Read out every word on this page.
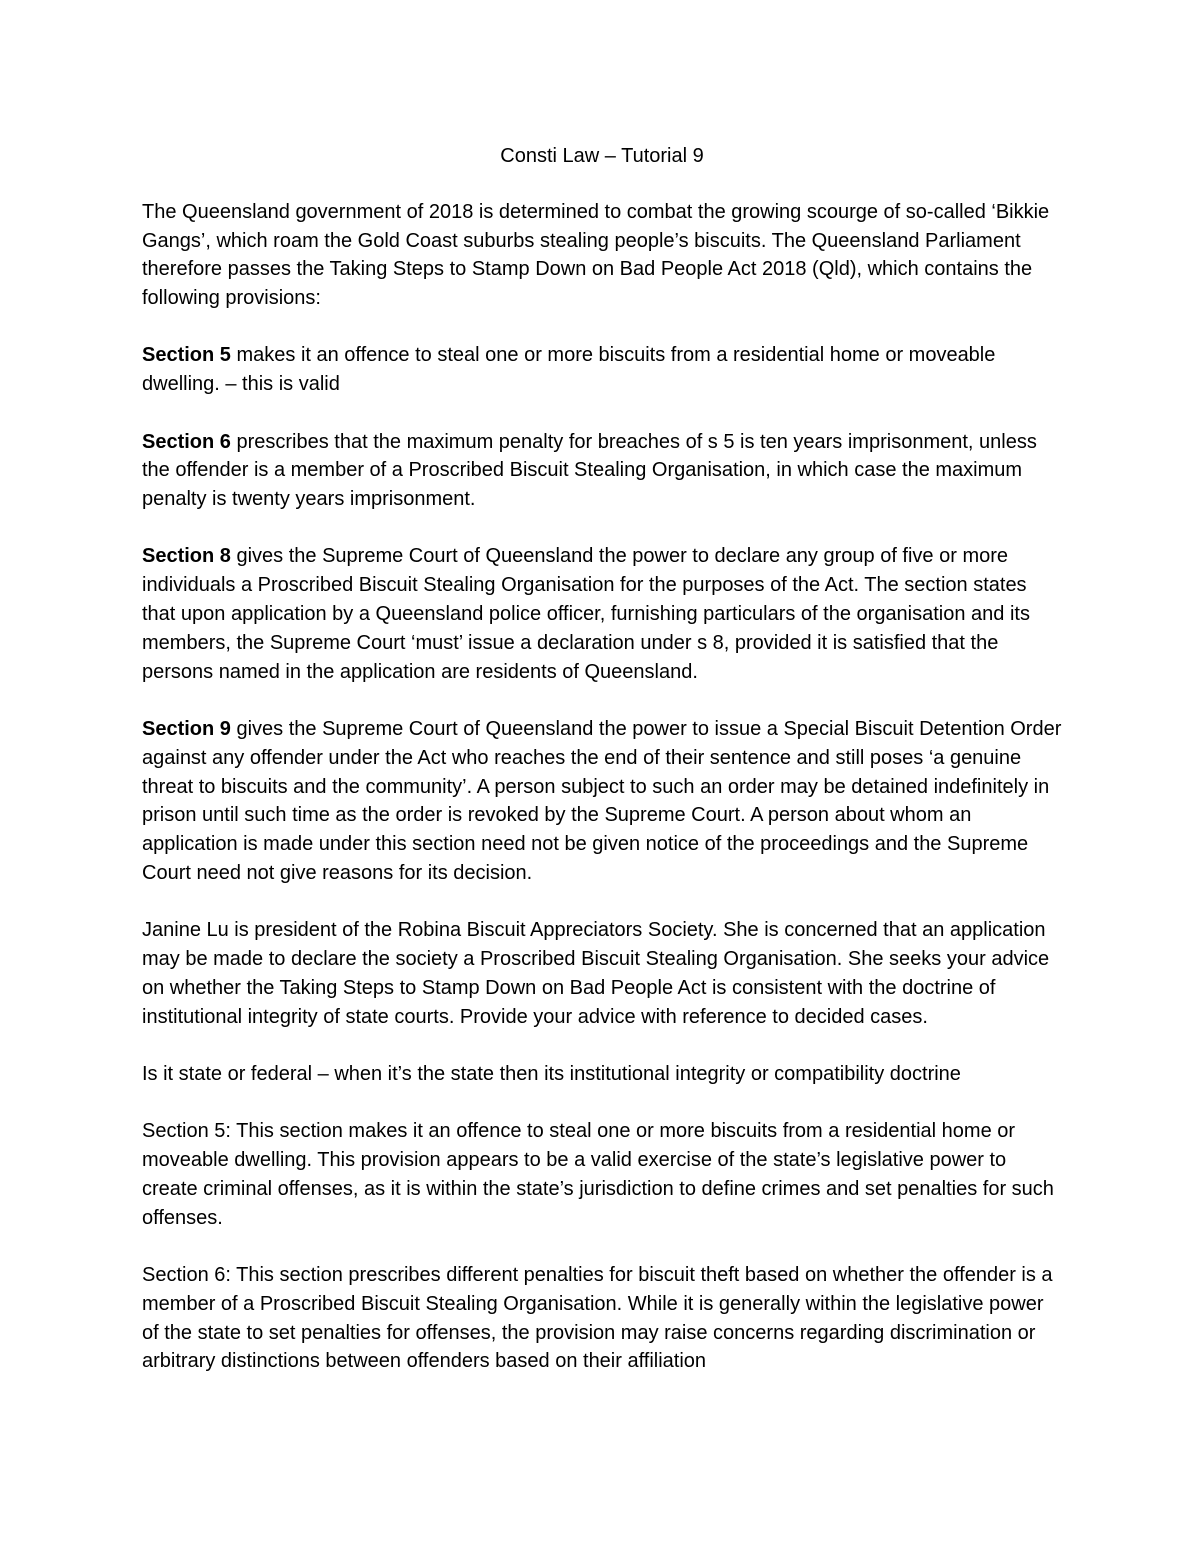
Consti Law – Tutorial 9

The Queensland government of 2018 is determined to combat the growing scourge of so-called ‘Bikkie Gangs’, which roam the Gold Coast suburbs stealing people’s biscuits. The Queensland Parliament therefore passes the Taking Steps to Stamp Down on Bad People Act 2018 (Qld), which contains the following provisions:

Section 5 makes it an offence to steal one or more biscuits from a residential home or moveable dwelling. – this is valid

Section 6 prescribes that the maximum penalty for breaches of s 5 is ten years imprisonment, unless the offender is a member of a Proscribed Biscuit Stealing Organisation, in which case the maximum penalty is twenty years imprisonment.

Section 8 gives the Supreme Court of Queensland the power to declare any group of five or more individuals a Proscribed Biscuit Stealing Organisation for the purposes of the Act. The section states that upon application by a Queensland police officer, furnishing particulars of the organisation and its members, the Supreme Court ‘must’ issue a declaration under s 8, provided it is satisfied that the persons named in the application are residents of Queensland.

Section 9 gives the Supreme Court of Queensland the power to issue a Special Biscuit Detention Order against any offender under the Act who reaches the end of their sentence and still poses ‘a genuine threat to biscuits and the community’. A person subject to such an order may be detained indefinitely in prison until such time as the order is revoked by the Supreme Court. A person about whom an application is made under this section need not be given notice of the proceedings and the Supreme Court need not give reasons for its decision.

Janine Lu is president of the Robina Biscuit Appreciators Society. She is concerned that an application may be made to declare the society a Proscribed Biscuit Stealing Organisation. She seeks your advice on whether the Taking Steps to Stamp Down on Bad People Act is consistent with the doctrine of institutional integrity of state courts. Provide your advice with reference to decided cases.

Is it state or federal – when it’s the state then its institutional integrity or compatibility doctrine

Section 5: This section makes it an offence to steal one or more biscuits from a residential home or moveable dwelling. This provision appears to be a valid exercise of the state’s legislative power to create criminal offenses, as it is within the state’s jurisdiction to define crimes and set penalties for such offenses.

Section 6: This section prescribes different penalties for biscuit theft based on whether the offender is a member of a Proscribed Biscuit Stealing Organisation. While it is generally within the legislative power of the state to set penalties for offenses, the provision may raise concerns regarding discrimination or arbitrary distinctions between offenders based on their affiliation
